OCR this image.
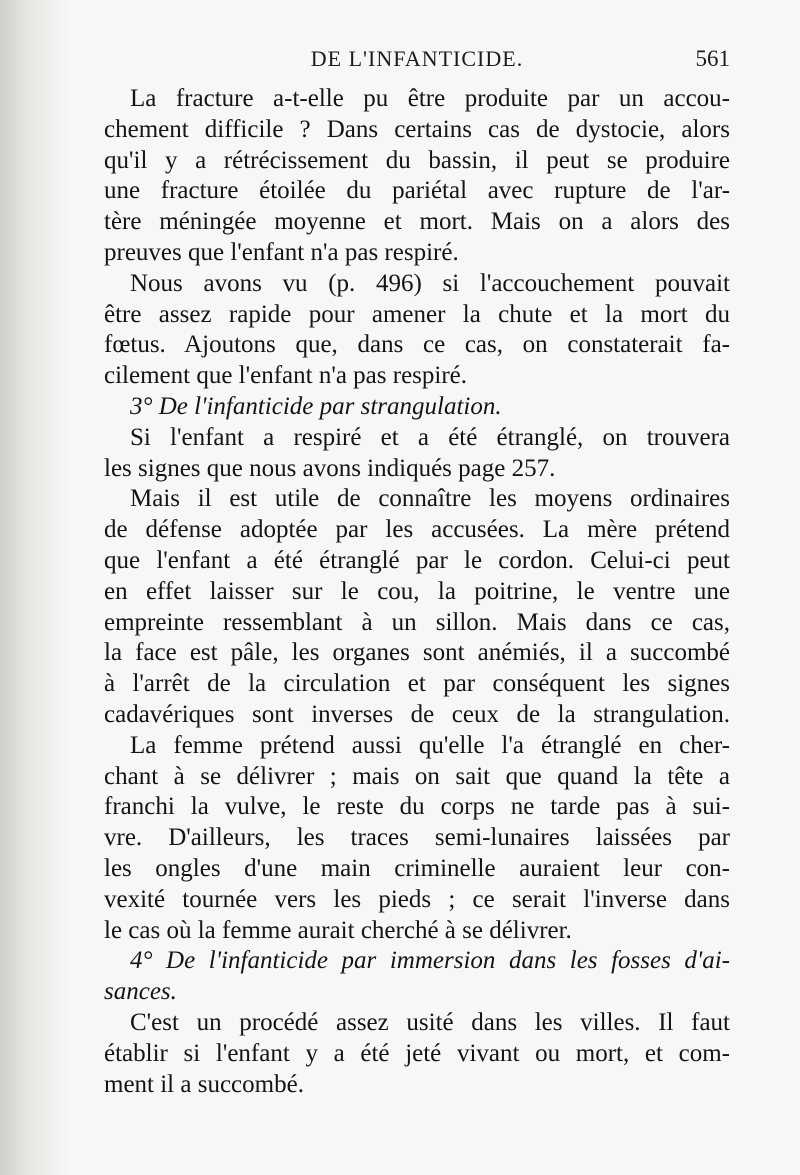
DE L'INFANTICIDE.	561
La fracture a-t-elle pu être produite par un accou-
chement difficile ? Dans certains cas de dystocie, alors
qu'il y a rétrécissement du bassin, il peut se produire
une fracture étoilée du pariétal avec rupture de l'ar-
tère méningée moyenne et mort. Mais on a alors des
preuves que l'enfant n'a pas respiré.
Nous avons vu (p. 496) si l'accouchement pouvait
être assez rapide pour amener la chute et la mort du
fœtus. Ajoutons que, dans ce cas, on constaterait fa-
cilement que l'enfant n'a pas respiré.
3° De l'infanticide par strangulation.
Si l'enfant a respiré et a été étranglé, on trouvera
les signes que nous avons indiqués page 257.
Mais il est utile de connaître les moyens ordinaires
de défense adoptée par les accusées. La mère prétend
que l'enfant a été étranglé par le cordon. Celui-ci peut
en effet laisser sur le cou, la poitrine, le ventre une
empreinte ressemblant à un sillon. Mais dans ce cas,
la face est pâle, les organes sont anémiés, il a succombé
à l'arrêt de la circulation et par conséquent les signes
cadavériques sont inverses de ceux de la strangulation.
La femme prétend aussi qu'elle l'a étranglé en cher-
chant à se délivrer ; mais on sait que quand la tête a
franchi la vulve, le reste du corps ne tarde pas à sui-
vre. D'ailleurs, les traces semi-lunaires laissées par
les ongles d'une main criminelle auraient leur con-
vexité tournée vers les pieds ; ce serait l'inverse dans
le cas où la femme aurait cherché à se délivrer.
4° De l'infanticide par immersion dans les fosses d'ai-
sances.
C'est un procédé assez usité dans les villes. Il faut
établir si l'enfant y a été jeté vivant ou mort, et com-
ment il a succombé.
